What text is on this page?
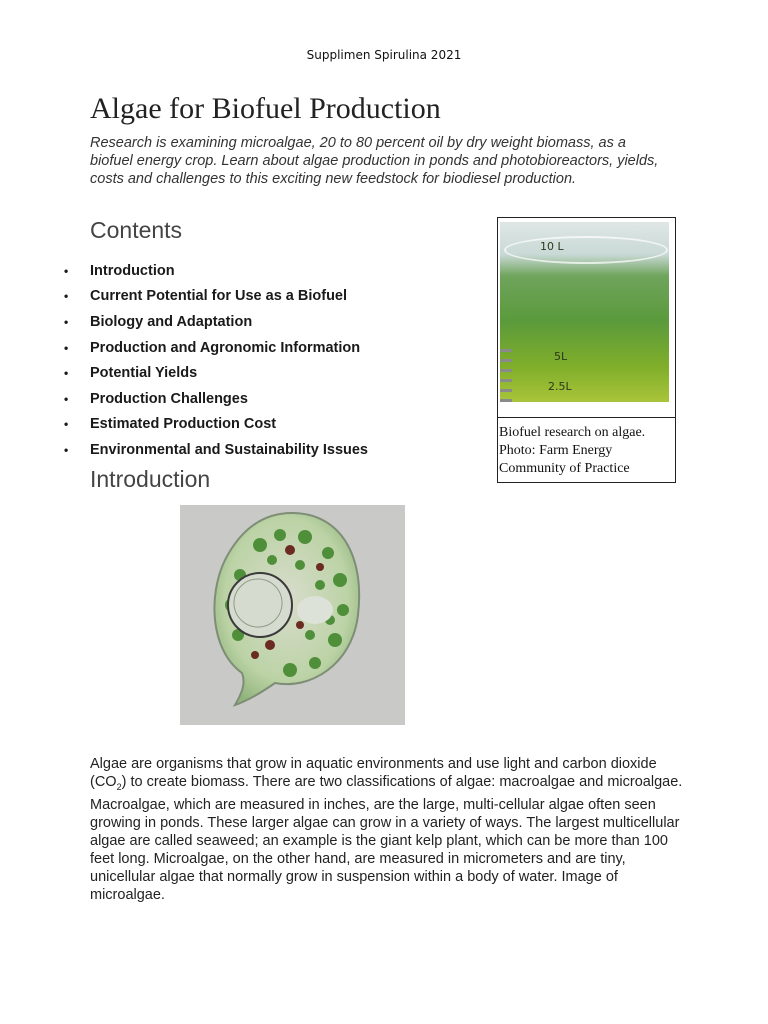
Supplimen Spirulina 2021
Algae for Biofuel Production
Research is examining microalgae, 20 to 80 percent oil by dry weight biomass, as a biofuel energy crop. Learn about algae production in ponds and photobioreactors, yields, costs and challenges to this exciting new feedstock for biodiesel production.
Contents
•	Introduction
•	Current Potential for Use as a Biofuel
•	Biology and Adaptation
•	Production and Agronomic Information
•	Potential Yields
•	Production Challenges
•	Estimated Production Cost
•	Environmental and Sustainability Issues
10 L
5L
2.5L
Biofuel research on algae. Photo: Farm Energy Community of Practice
Introduction

Algae are organisms that grow in aquatic environments and use light and carbon dioxide $(CO_2)$ to create biomass. There are two classifications of algae: macroalgae and microalgae. Macroalgae, which are measured in inches, are the large, multi-cellular algae often seen growing in ponds. These larger algae can grow in a variety of ways. The largest multicellular algae are called seaweed; an example is the giant kelp plant, which can be more than 100 feet long. Microalgae, on the other hand, are measured in micrometers and are tiny, unicellular algae that normally grow in suspension within a body of water. Image of microalgae.
